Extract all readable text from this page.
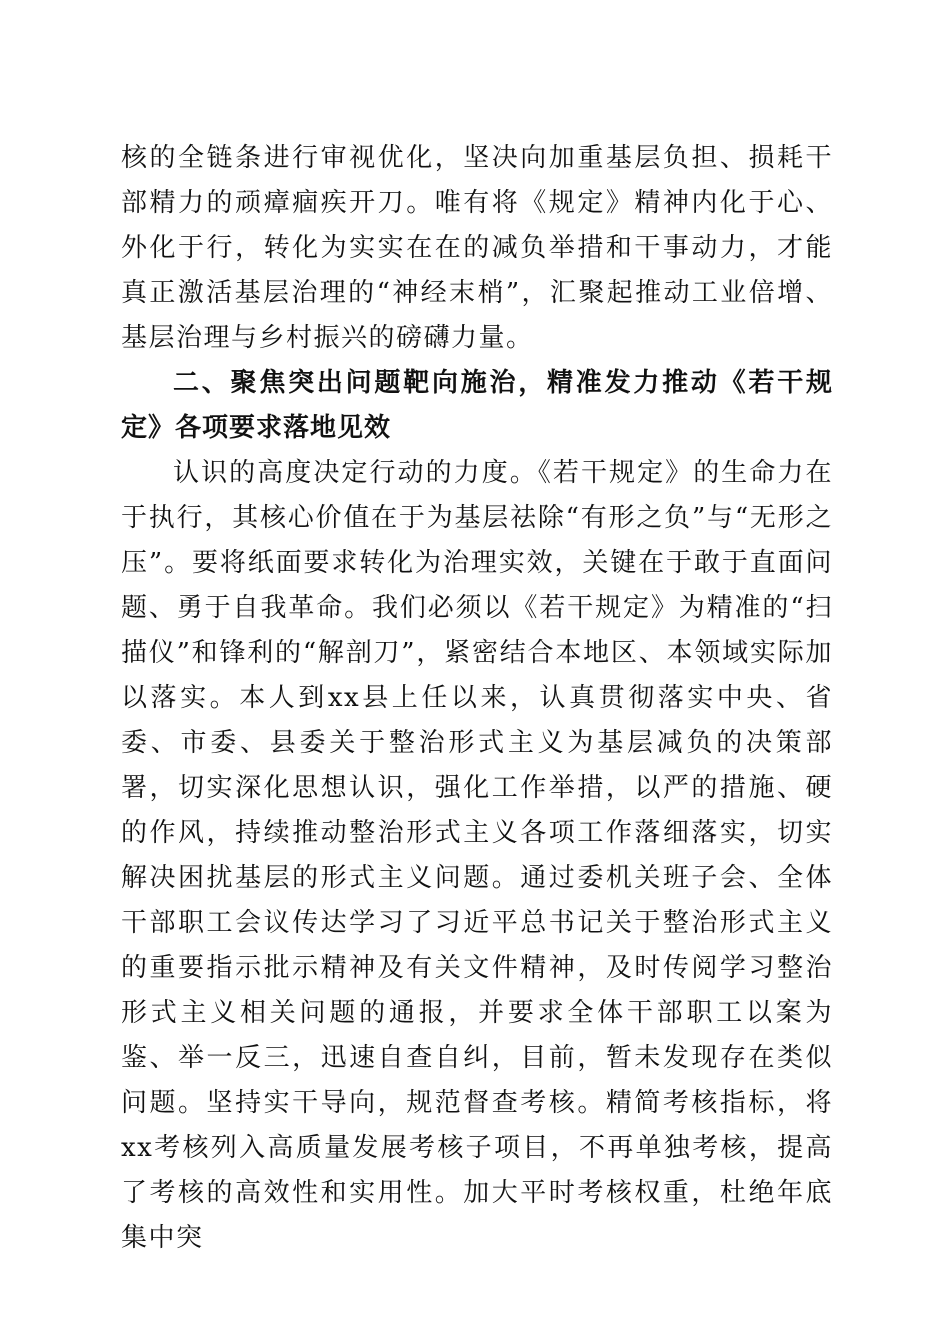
核的全链条进行审视优化，坚决向加重基层负担、损耗干部精力的顽瘴痼疾开刀。唯有将《规定》精神内化于心、外化于行，转化为实实在在的减负举措和干事动力，才能真正激活基层治理的“神经末梢”，汇聚起推动工业倍增、基层治理与乡村振兴的磅礴力量。

二、聚焦突出问题靶向施治，精准发力推动《若干规定》各项要求落地见效

认识的高度决定行动的力度。《若干规定》的生命力在于执行，其核心价值在于为基层祛除“有形之负”与“无形之压”。要将纸面要求转化为治理实效，关键在于敢于直面问题、勇于自我革命。我们必须以《若干规定》为精准的“扫描仪”和锋利的“解剖刀”，紧密结合本地区、本领域实际加以落实。本人到xx县上任以来，认真贯彻落实中央、省委、市委、县委关于整治形式主义为基层减负的决策部署，切实深化思想认识，强化工作举措，以严的措施、硬的作风，持续推动整治形式主义各项工作落细落实，切实解决困扰基层的形式主义问题。通过委机关班子会、全体干部职工会议传达学习了习近平总书记关于整治形式主义的重要指示批示精神及有关文件精神，及时传阅学习整治形式主义相关问题的通报，并要求全体干部职工以案为鉴、举一反三，迅速自查自纠，目前，暂未发现存在类似问题。坚持实干导向，规范督查考核。精简考核指标，将xx考核列入高质量发展考核子项目，不再单独考核，提高了考核的高效性和实用性。加大平时考核权重，杜绝年底集中突
